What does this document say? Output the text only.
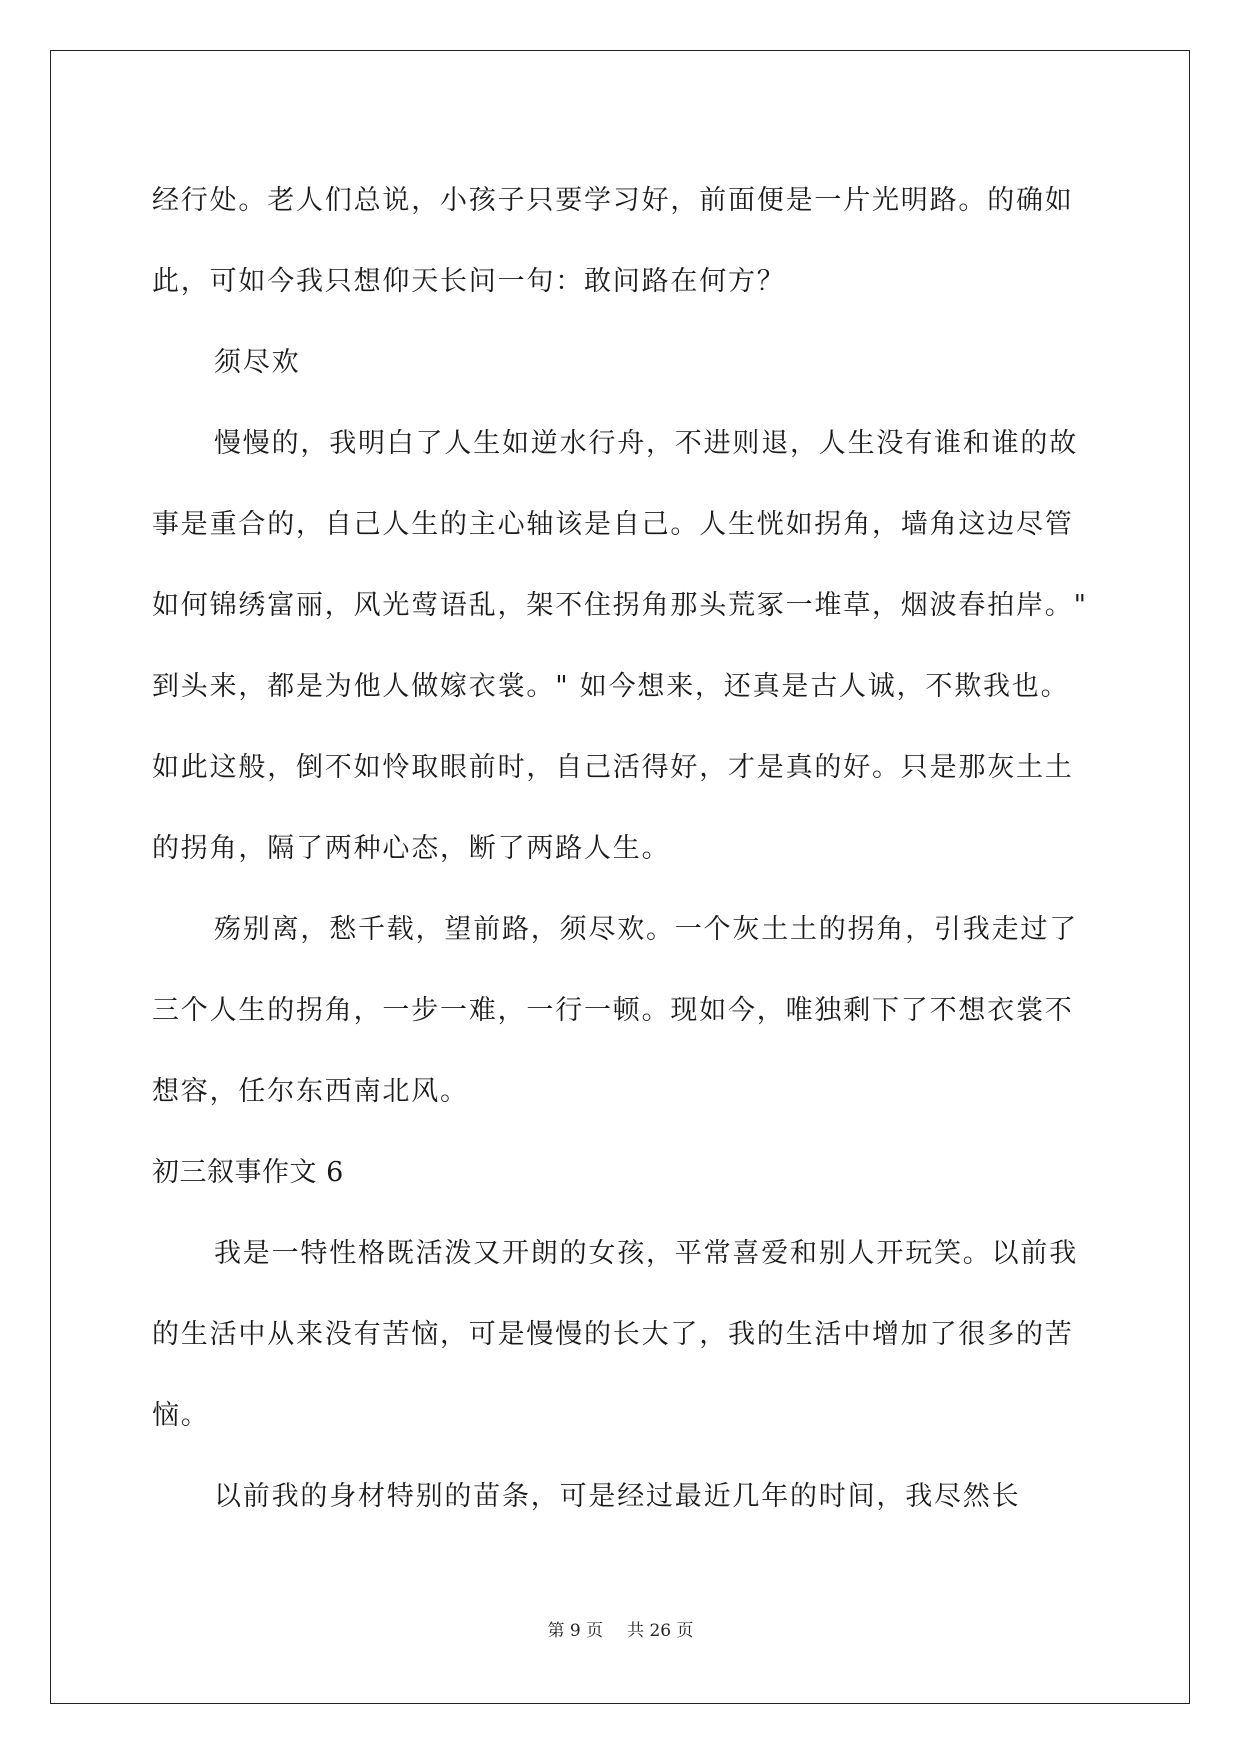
经行处。老人们总说，小孩子只要学习好，前面便是一片光明路。的确如此，可如今我只想仰天长问一句：敢问路在何方？

须尽欢

慢慢的，我明白了人生如逆水行舟，不进则退，人生没有谁和谁的故事是重合的，自己人生的主心轴该是自己。人生恍如拐角，墙角这边尽管如何锦绣富丽，风光莺语乱，架不住拐角那头荒冢一堆草，烟波春拍岸。" 到头来，都是为他人做嫁衣裳。" 如今想来，还真是古人诚，不欺我也。如此这般，倒不如怜取眼前时，自己活得好，才是真的好。只是那灰土土的拐角，隔了两种心态，断了两路人生。

殇别离，愁千载，望前路，须尽欢。一个灰土土的拐角，引我走过了三个人生的拐角，一步一难，一行一顿。现如今，唯独剩下了不想衣裳不想容，任尔东西南北风。

初三叙事作文 6

我是一特性格既活泼又开朗的女孩，平常喜爱和别人开玩笑。以前我的生活中从来没有苦恼，可是慢慢的长大了，我的生活中增加了很多的苦恼。

以前我的身材特别的苗条，可是经过最近几年的时间，我尽然长

第 9 页 共 26 页
